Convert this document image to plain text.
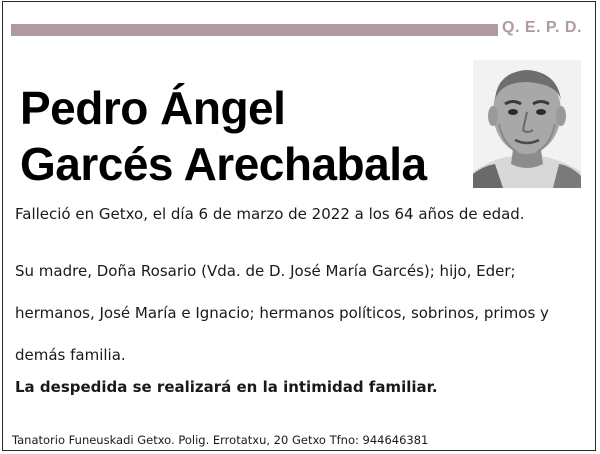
Q. E. P. D.
Pedro Ángel
Garcés Arechabala

Falleció en Getxo, el día 6 de marzo de 2022 a los 64 años de edad.

Su madre, Doña Rosario (Vda. de D. José María Garcés); hijo, Eder; hermanos, José María e Ignacio; hermanos políticos, sobrinos, primos y demás familia.

La despedida se realizará en la intimidad familiar.

Tanatorio Funeuskadi Getxo. Polig. Errotatxu, 20 Getxo Tfno: 944646381
